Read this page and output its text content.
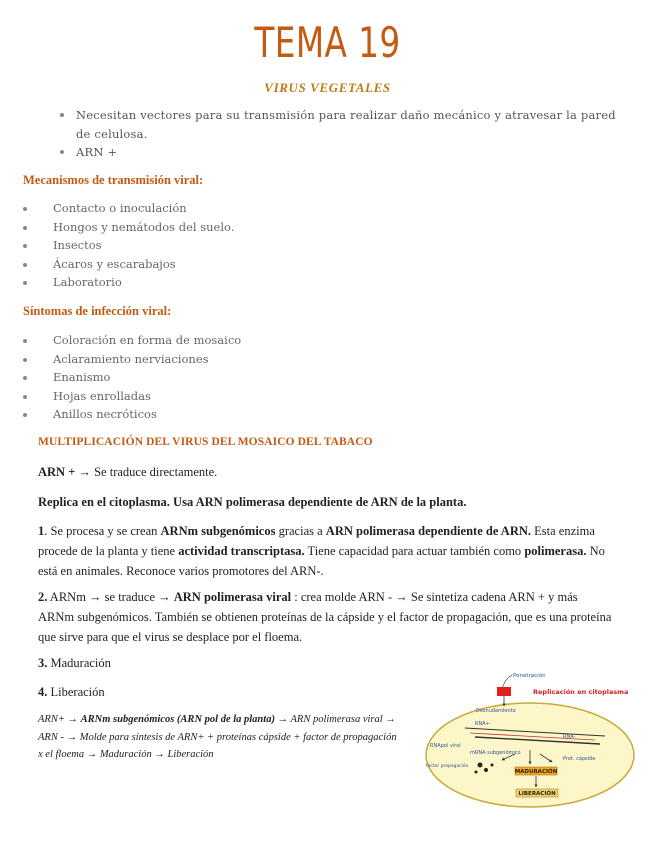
TEMA 19
VIRUS VEGETALES
Necesitan vectores para su transmisión para realizar daño mecánico y atravesar la pared de celulosa.
ARN +
Mecanismos de transmisión viral:
Contacto o inoculación
Hongos y nemátodos del suelo.
Insectos
Ácaros y escarabajos
Laboratorio
Síntomas de infección viral:
Coloración en forma de mosaico
Aclaramiento nerviaciones
Enanismo
Hojas enrolladas
Anillos necróticos
MULTIPLICACIÓN DEL VIRUS DEL MOSAICO DEL TABACO
ARN + → Se traduce directamente.
Replica en el citoplasma. Usa ARN polimerasa dependiente de ARN de la planta.
1. Se procesa y se crean ARNm subgenómicos gracias a ARN polimerasa dependiente de ARN. Esta enzima procede de la planta y tiene actividad transcriptasa. Tiene capacidad para actuar también como polimerasa. No está en animales. Reconoce varios promotores del ARN-.
2. ARNm → se traduce → ARN polimerasa viral : crea molde ARN - → Se sintetiza cadena ARN + y más ARNm subgenómicos. También se obtienen proteínas de la cápside y el factor de propagación, que es una proteína que sirve para que el virus se desplace por el floema.
3. Maduración
4. Liberación
ARN+ → ARNm subgenómicos (ARN pol de la planta) → ARN polimerasa viral → ARN - → Molde para síntesis de ARN+ + proteínas cápside + factor de propagación x el floema → Maduración → Liberación
Penetración
Replicación en citoplasma
Desnudamiento
RNA+
RNApol viral
RNA-
mRNA subgenómico
factor propagación
MADURACIÓN
Prot. cápside
LIBERACIÓN
